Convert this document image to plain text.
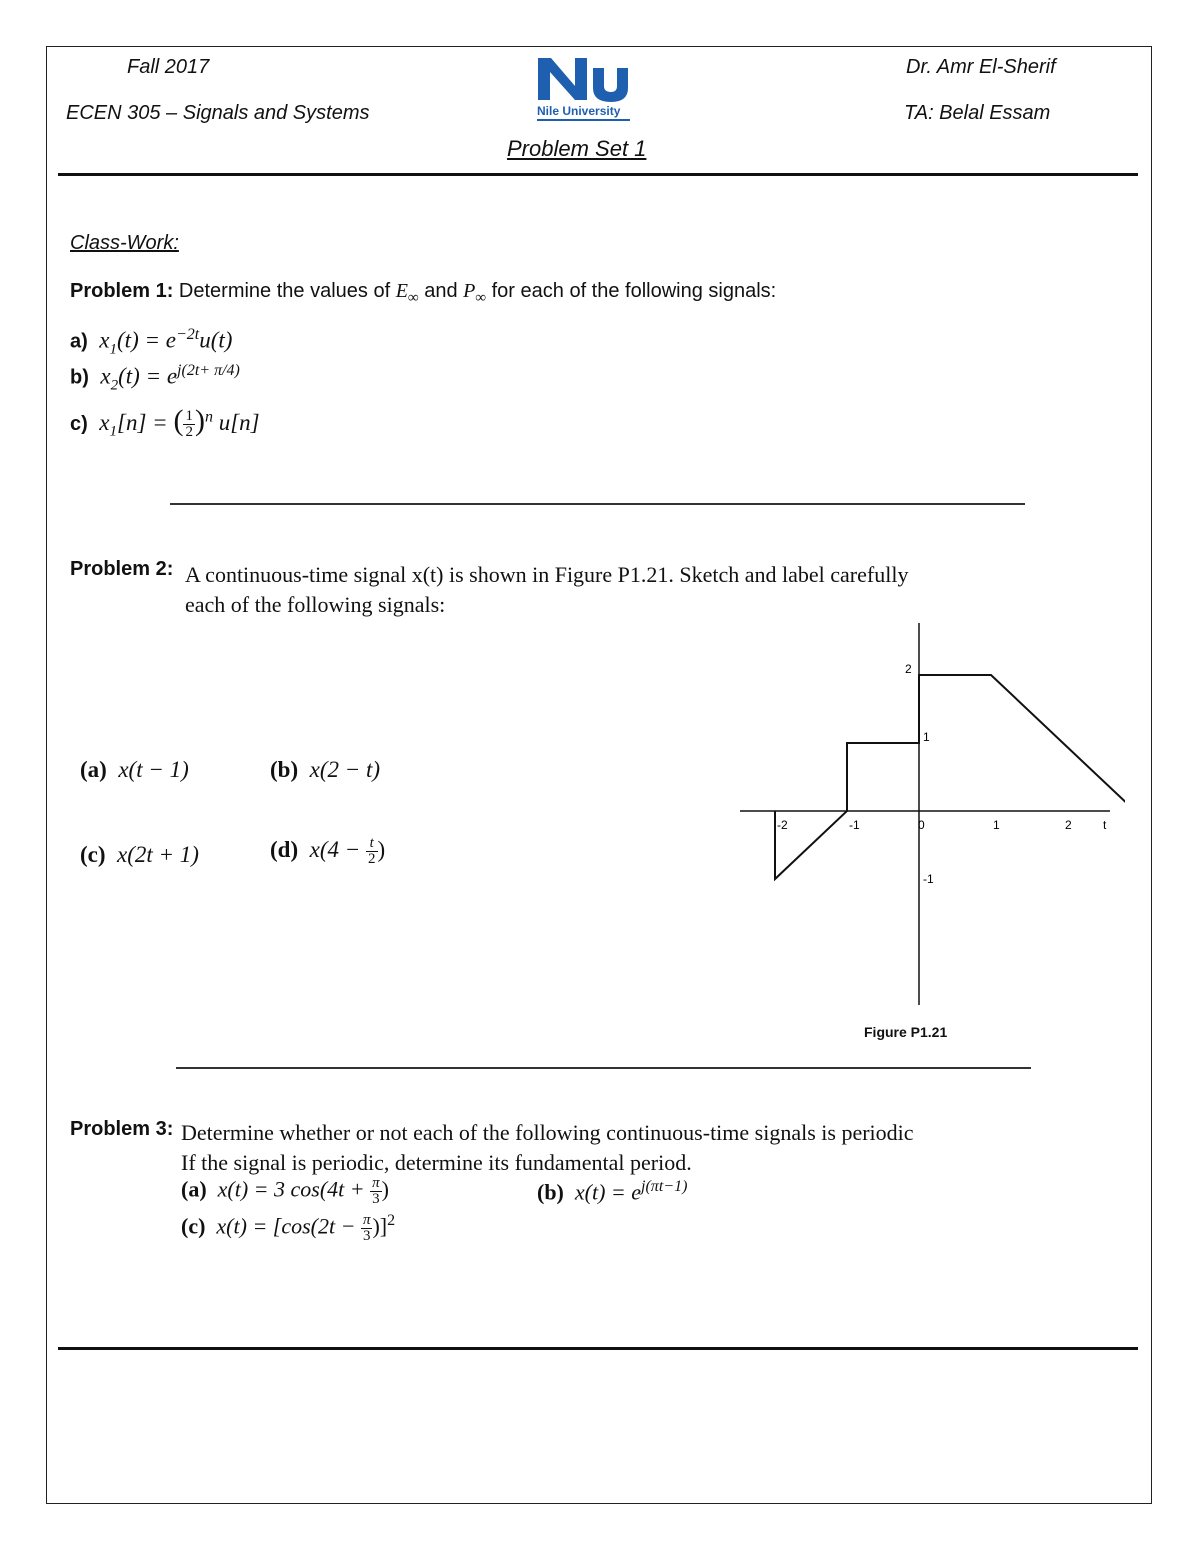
Fall 2017
ECEN 305 – Signals and Systems
Dr. Amr El-Sherif
TA: Belal Essam
Nile University
Problem Set 1
Class-Work:
Problem 1: Determine the values of $E_\infty$ and $P_\infty$ for each of the following signals:
a)  $x_1(t) = e^{-2t}u(t)$
b)  $x_2(t) = e^{j(2t+ \pi/4)}$
c)  $x_1[n]$ = ( $\frac{1}{2} )^n$ u[n]
Problem 2: A continuous-time signal x(t) is shown in Figure P1.21. Sketch and label carefully
each of the following signals:
(a) x(t − 1)	(b) x(2 − t)
(c) x(2t + 1)	(d) $x(4 - \frac{t}{2}$ )
-2	-1	0	1	2
2
1
-1
t
Figure P1.21
Problem 3: Determine whether or not each of the following continuous-time signals is periodic
If the signal is periodic, determine its fundamental period.
(a) x(t) = 3 $\cos(4t + \frac{\pi}{3}$ )	(b) $x(t) = e^{j(\pi t-1)}$
(c) $x(t) = [\cos(2t - \frac{\pi}{3} )]^2$
